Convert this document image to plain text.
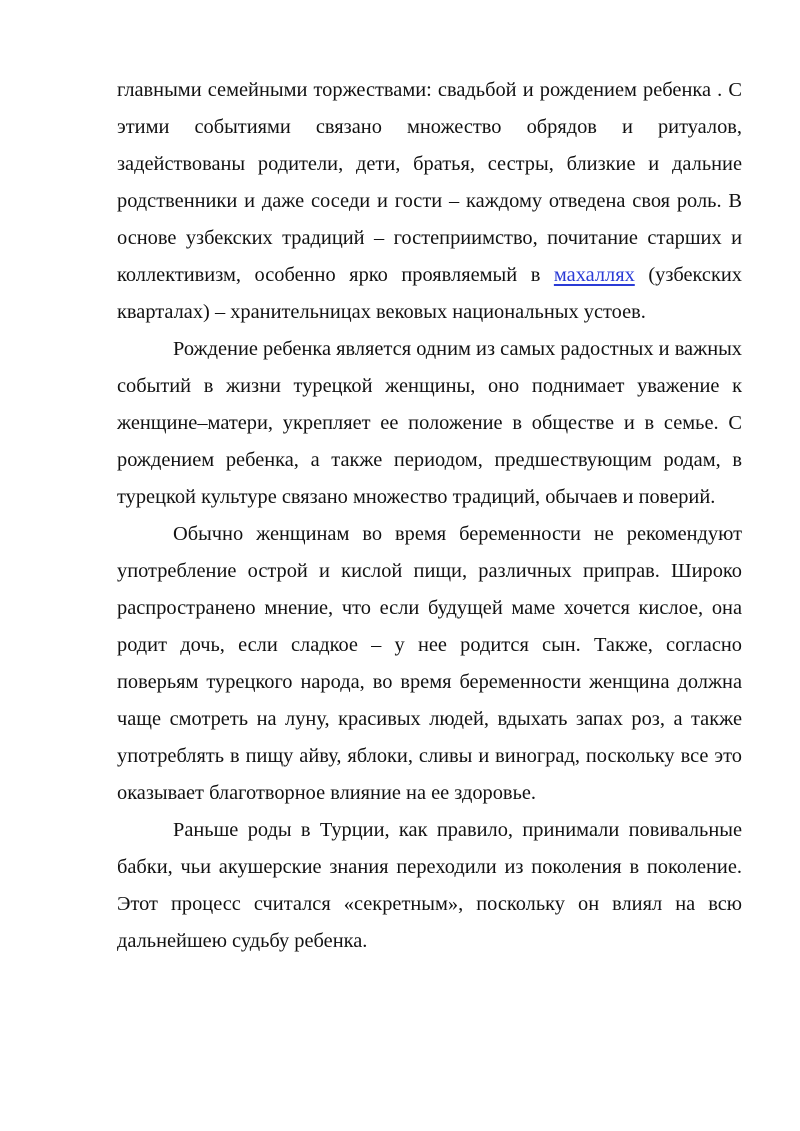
главными семейными торжествами: свадьбой и рождением ребенка . С этими событиями связано множество обрядов и ритуалов, задействованы родители, дети, братья, сестры, близкие и дальние родственники и даже соседи и гости – каждому отведена своя роль. В основе узбекских традиций – гостеприимство, почитание старших и коллективизм, особенно ярко проявляемый в махаллях (узбекских кварталах) – хранительницах вековых национальных устоев.

Рождение ребенка является одним из самых радостных и важных событий в жизни турецкой женщины, оно поднимает уважение к женщине–матери, укрепляет ее положение в обществе и в семье. С рождением ребенка, а также периодом, предшествующим родам, в турецкой культуре связано множество традиций, обычаев и поверий.

Обычно женщинам во время беременности не рекомендуют употребление острой и кислой пищи, различных приправ. Широко распространено мнение, что если будущей маме хочется кислое, она родит дочь, если сладкое – у нее родится сын. Также, согласно поверьям турецкого народа, во время беременности женщина должна чаще смотреть на луну, красивых людей, вдыхать запах роз, а также употреблять в пищу айву, яблоки, сливы и виноград, поскольку все это оказывает благотворное влияние на ее здоровье.

Раньше роды в Турции, как правило, принимали повивальные бабки, чьи акушерские знания переходили из поколения в поколение. Этот процесс считался «секретным», поскольку он влиял на всю дальнейшею судьбу ребенка.
